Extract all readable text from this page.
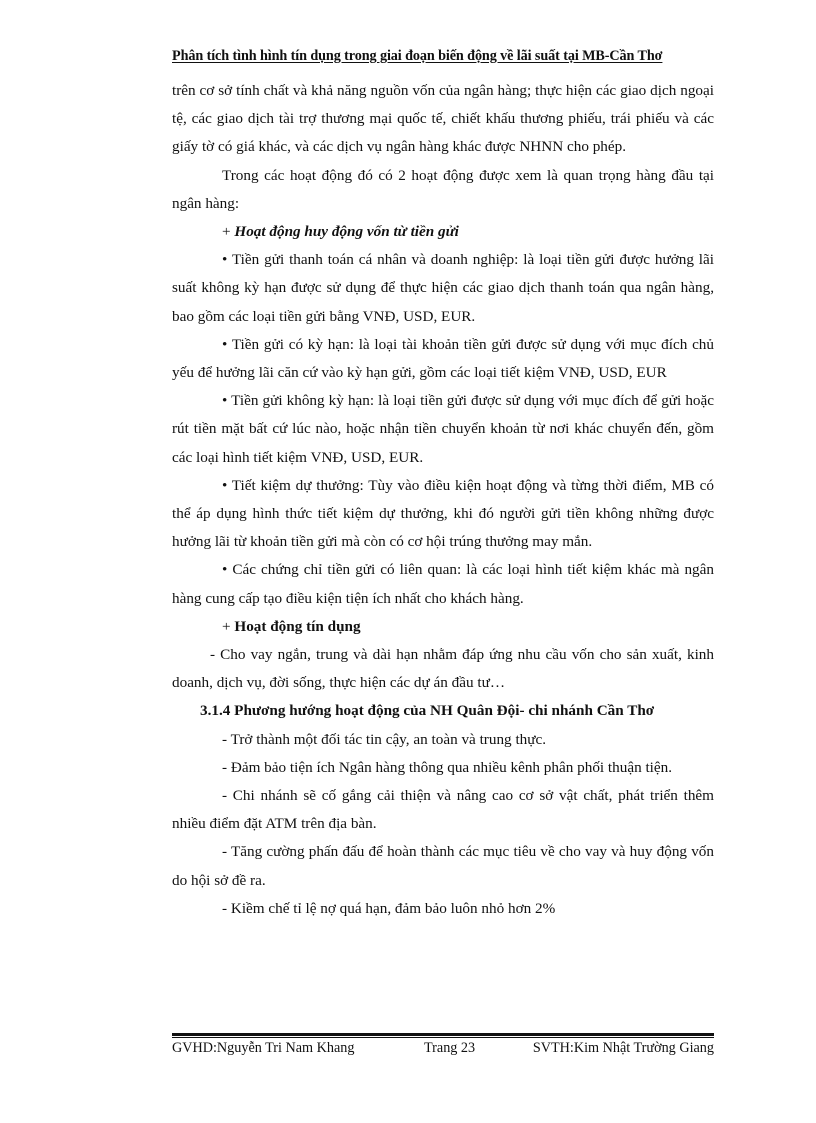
Phân tích tình hình tín dụng trong giai đoạn biến động về lãi suất tại MB-Cần Thơ

trên cơ sở tính chất và khả năng nguồn vốn của ngân hàng; thực hiện các giao dịch ngoại tệ, các giao dịch tài trợ thương mại quốc tế, chiết khấu thương phiếu, trái phiếu và các giấy tờ có giá khác, và các dịch vụ ngân hàng khác được NHNN cho phép.

Trong các hoạt động đó có 2 hoạt động được xem là quan trọng hàng đầu tại ngân hàng:

+ Hoạt động huy động vốn từ tiền gửi

• Tiền gửi thanh toán cá nhân và doanh nghiệp: là loại tiền gửi được hưởng lãi suất không kỳ hạn được sử dụng để thực hiện các giao dịch thanh toán qua ngân hàng, bao gồm các loại tiền gửi bằng VNĐ, USD, EUR.

• Tiền gửi có kỳ hạn: là loại tài khoản tiền gửi được sử dụng với mục đích chủ yếu để hưởng lãi căn cứ vào kỳ hạn gửi, gồm các loại tiết kiệm VNĐ, USD, EUR

• Tiền gửi không kỳ hạn: là loại tiền gửi được sử dụng với mục đích để gửi hoặc rút tiền mặt bất cứ lúc nào, hoặc nhận tiền chuyển khoản từ nơi khác chuyển đến, gồm các loại hình tiết kiệm VNĐ, USD, EUR.

• Tiết kiệm dự thưởng: Tùy vào điều kiện hoạt động và từng thời điểm, MB có thể áp dụng hình thức tiết kiệm dự thưởng, khi đó người gửi tiền không những được hưởng lãi từ khoản tiền gửi mà còn có cơ hội trúng thưởng may mắn.

• Các chứng chỉ tiền gửi có liên quan: là các loại hình tiết kiệm khác mà ngân hàng cung cấp tạo điều kiện tiện ích nhất cho khách hàng.

+ Hoạt động tín dụng

- Cho vay ngắn, trung và dài hạn nhằm đáp ứng nhu cầu vốn cho sản xuất, kinh doanh, dịch vụ, đời sống, thực hiện các dự án đầu tư…

3.1.4 Phương hướng hoạt động của NH Quân Đội- chi nhánh Cần Thơ

- Trở thành một đối tác tin cậy, an toàn và trung thực.

- Đảm bảo tiện ích Ngân hàng thông qua nhiều kênh phân phối thuận tiện.

- Chi nhánh sẽ cố gắng cải thiện và nâng cao cơ sở vật chất, phát triển thêm nhiều điểm đặt ATM trên địa bàn.

- Tăng cường phấn đấu để hoàn thành các mục tiêu về cho vay và huy động vốn do hội sở đề ra.

- Kiềm chế tỉ lệ nợ quá hạn, đảm bảo luôn nhỏ hơn 2%

GVHD:Nguyễn Tri Nam Khang	Trang 23	SVTH:Kim Nhật Trường Giang
